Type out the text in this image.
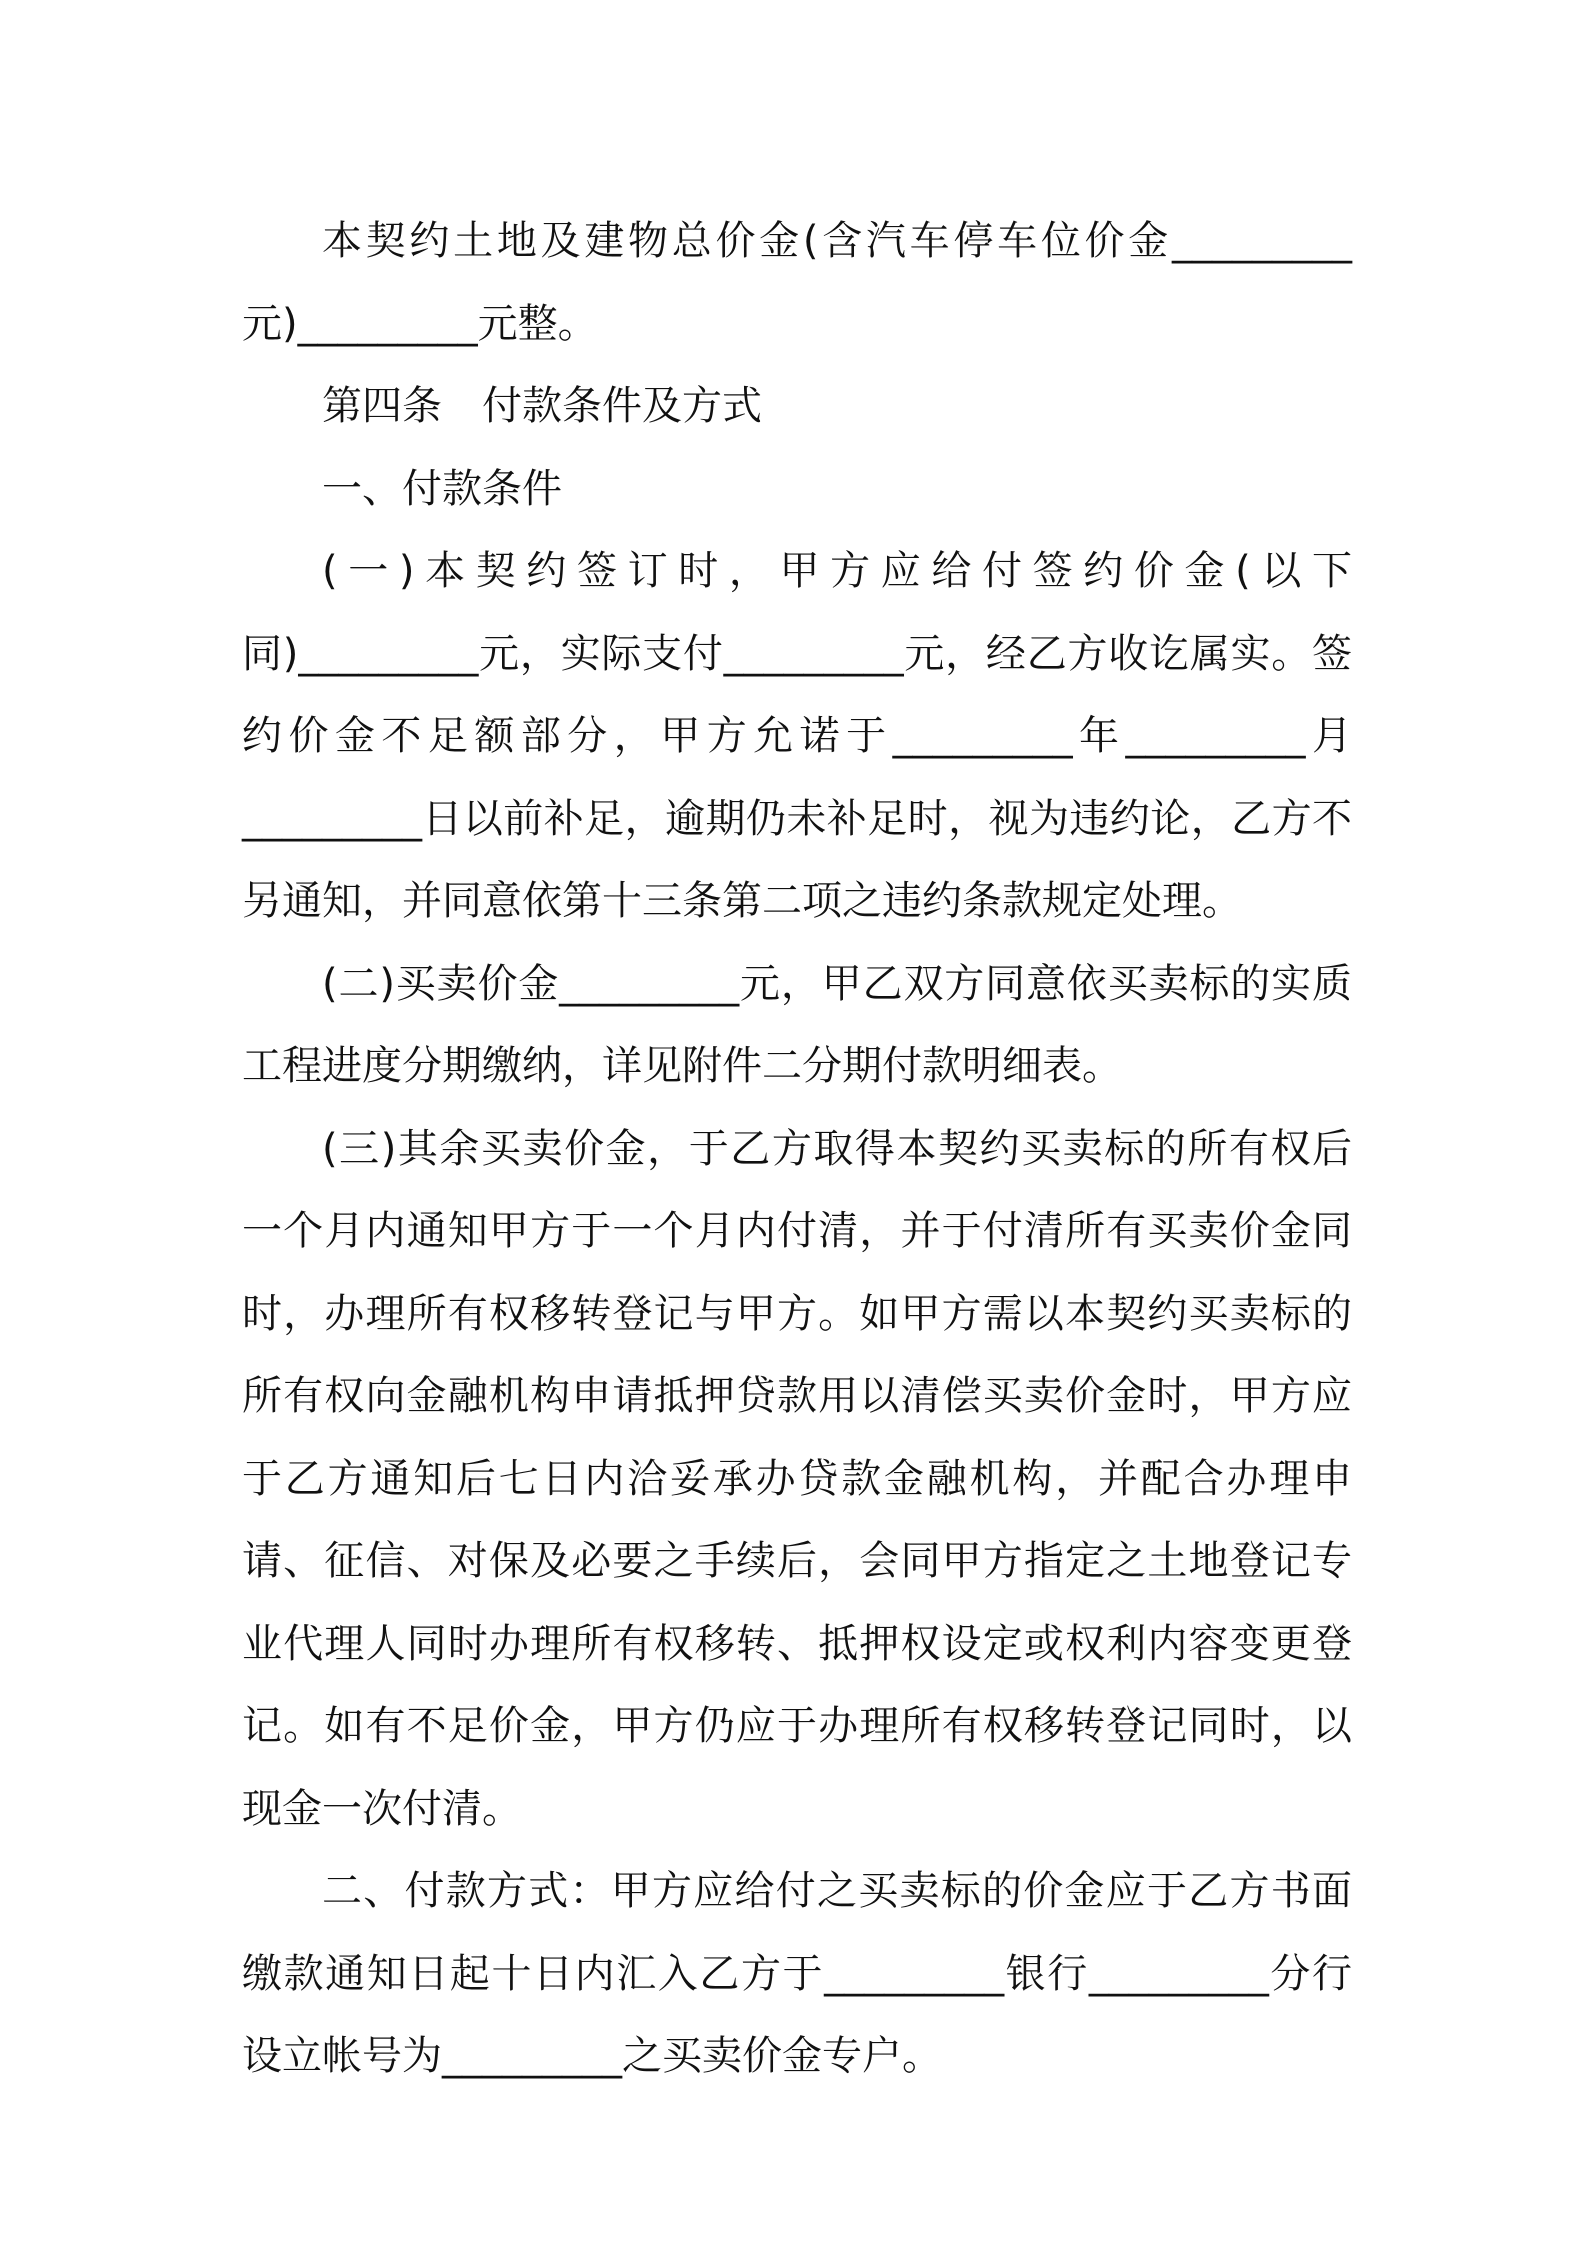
本契约土地及建物总价金(含汽车停车位价金_________元)_________元整。

第四条　付款条件及方式

一、付款条件

(一)本契约签订时，甲方应给付签约价金(以下同)_________元，实际支付_________元，经乙方收讫属实。签约价金不足额部分，甲方允诺于_________年_________月_________日以前补足，逾期仍未补足时，视为违约论，乙方不另通知，并同意依第十三条第二项之违约条款规定处理。

(二)买卖价金_________元，甲乙双方同意依买卖标的实质工程进度分期缴纳，详见附件二分期付款明细表。

(三)其余买卖价金，于乙方取得本契约买卖标的所有权后一个月内通知甲方于一个月内付清，并于付清所有买卖价金同时，办理所有权移转登记与甲方。如甲方需以本契约买卖标的所有权向金融机构申请抵押贷款用以清偿买卖价金时，甲方应于乙方通知后七日内洽妥承办贷款金融机构，并配合办理申请、征信、对保及必要之手续后，会同甲方指定之土地登记专业代理人同时办理所有权移转、抵押权设定或权利内容变更登记。如有不足价金，甲方仍应于办理所有权移转登记同时，以现金一次付清。

二、付款方式：甲方应给付之买卖标的价金应于乙方书面缴款通知日起十日内汇入乙方于_________银行_________分行设立帐号为_________之买卖价金专户。
